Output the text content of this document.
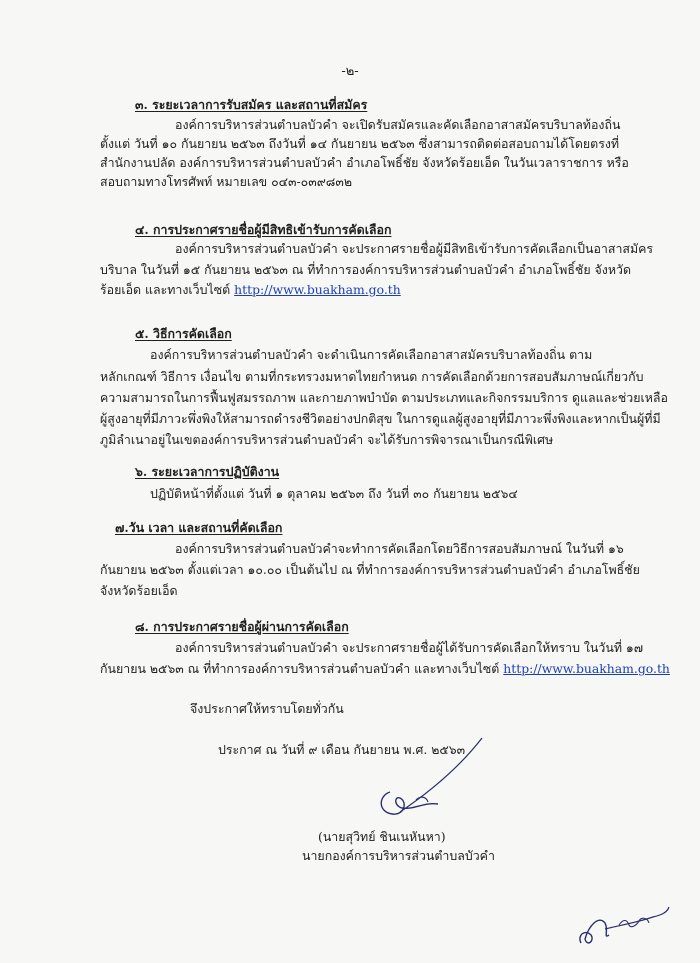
-๒-
๓. ระยะเวลาการรับสมัคร และสถานที่สมัคร
องค์การบริหารส่วนตำบลบัวคำ จะเปิดรับสมัครและคัดเลือกอาสาสมัครบริบาลท้องถิ่น
ตั้งแต่ วันที่ ๑๐ กันยายน ๒๕๖๓ ถึงวันที่ ๑๔ กันยายน ๒๕๖๓ ซึ่งสามารถติดต่อสอบถามได้โดยตรงที่
สำนักงานปลัด องค์การบริหารส่วนตำบลบัวคำ อำเภอโพธิ์ชัย จังหวัดร้อยเอ็ด ในวันเวลาราชการ หรือ
สอบถามทางโทรศัพท์ หมายเลข ๐๔๓-๐๓๙๘๓๒
๔. การประกาศรายชื่อผู้มีสิทธิเข้ารับการคัดเลือก
องค์การบริหารส่วนตำบลบัวคำ จะประกาศรายชื่อผู้มีสิทธิเข้ารับการคัดเลือกเป็นอาสาสมัคร
บริบาล ในวันที่ ๑๕ กันยายน ๒๕๖๓ ณ ที่ทำการองค์การบริหารส่วนตำบลบัวคำ อำเภอโพธิ์ชัย จังหวัด
ร้อยเอ็ด และทางเว็บไซต์ http://www.buakham.go.th
๕. วิธีการคัดเลือก
องค์การบริหารส่วนตำบลบัวคำ จะดำเนินการคัดเลือกอาสาสมัครบริบาลท้องถิ่น ตาม
หลักเกณฑ์ วิธีการ เงื่อนไข ตามที่กระทรวงมหาดไทยกำหนด การคัดเลือกด้วยการสอบสัมภาษณ์เกี่ยวกับ
ความสามารถในการฟื้นฟูสมรรถภาพ และกายภาพบำบัด ตามประเภทและกิจกรรมบริการ ดูแลและช่วยเหลือ
ผู้สูงอายุที่มีภาวะพึ่งพิงให้สามารถดำรงชีวิตอย่างปกติสุข ในการดูแลผู้สูงอายุที่มีภาวะพึ่งพิงและหากเป็นผู้ที่มี
ภูมิลำเนาอยู่ในเขตองค์การบริหารส่วนตำบลบัวคำ จะได้รับการพิจารณาเป็นกรณีพิเศษ
๖. ระยะเวลาการปฏิบัติงาน
ปฏิบัติหน้าที่ตั้งแต่ วันที่ ๑ ตุลาคม ๒๕๖๓ ถึง วันที่ ๓๐ กันยายน ๒๕๖๔
๗.วัน เวลา และสถานที่คัดเลือก
องค์การบริหารส่วนตำบลบัวคำจะทำการคัดเลือกโดยวิธีการสอบสัมภาษณ์ ในวันที่ ๑๖
กันยายน ๒๕๖๓ ตั้งแต่เวลา ๑๐.๐๐ เป็นต้นไป ณ ที่ทำการองค์การบริหารส่วนตำบลบัวคำ อำเภอโพธิ์ชัย
จังหวัดร้อยเอ็ด
๘. การประกาศรายชื่อผู้ผ่านการคัดเลือก
องค์การบริหารส่วนตำบลบัวคำ จะประกาศรายชื่อผู้ได้รับการคัดเลือกให้ทราบ ในวันที่ ๑๗
กันยายน ๒๕๖๓ ณ ที่ทำการองค์การบริหารส่วนตำบลบัวคำ และทางเว็บไซต์ http://www.buakham.go.th
จึงประกาศให้ทราบโดยทั่วกัน
ประกาศ ณ วันที่ ๙ เดือน กันยายน พ.ศ. ๒๕๖๓
(นายสุวิทย์ ชินเนหันหา)
นายกองค์การบริหารส่วนตำบลบัวคำ
